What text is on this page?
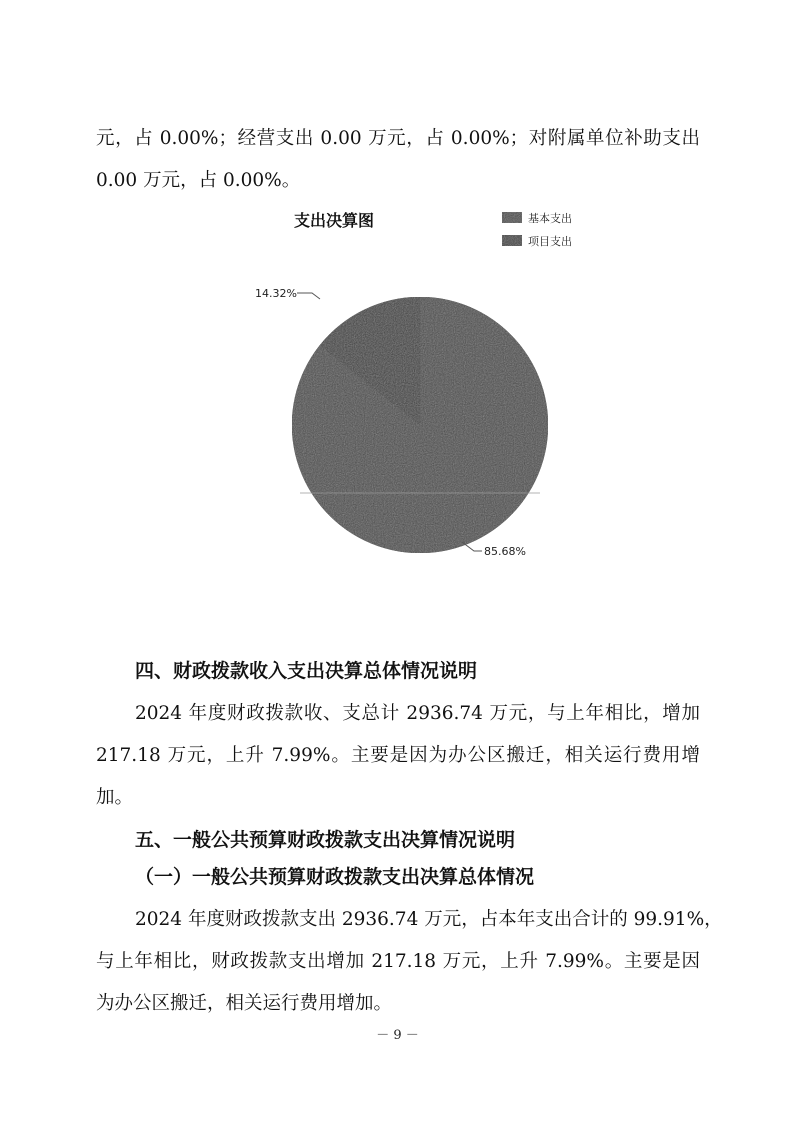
元，占 0.00%；经营支出 0.00 万元，占 0.00%；对附属单位补助支出
0.00 万元，占 0.00%。
支出决算图	基本支出
项目支出
14.32%
85.68%
四、财政拨款收入支出决算总体情况说明
2024 年度财政拨款收、支总计 2936.74 万元，与上年相比，增加
217.18 万元，上升 7.99%。主要是因为办公区搬迁，相关运行费用增
加。
五、一般公共预算财政拨款支出决算情况说明
（一）一般公共预算财政拨款支出决算总体情况
2024 年度财政拨款支出 2936.74 万元，占本年支出合计的 99.91%，
与上年相比，财政拨款支出增加 217.18 万元，上升 7.99%。主要是因
为办公区搬迁，相关运行费用增加。
－ 9 －
